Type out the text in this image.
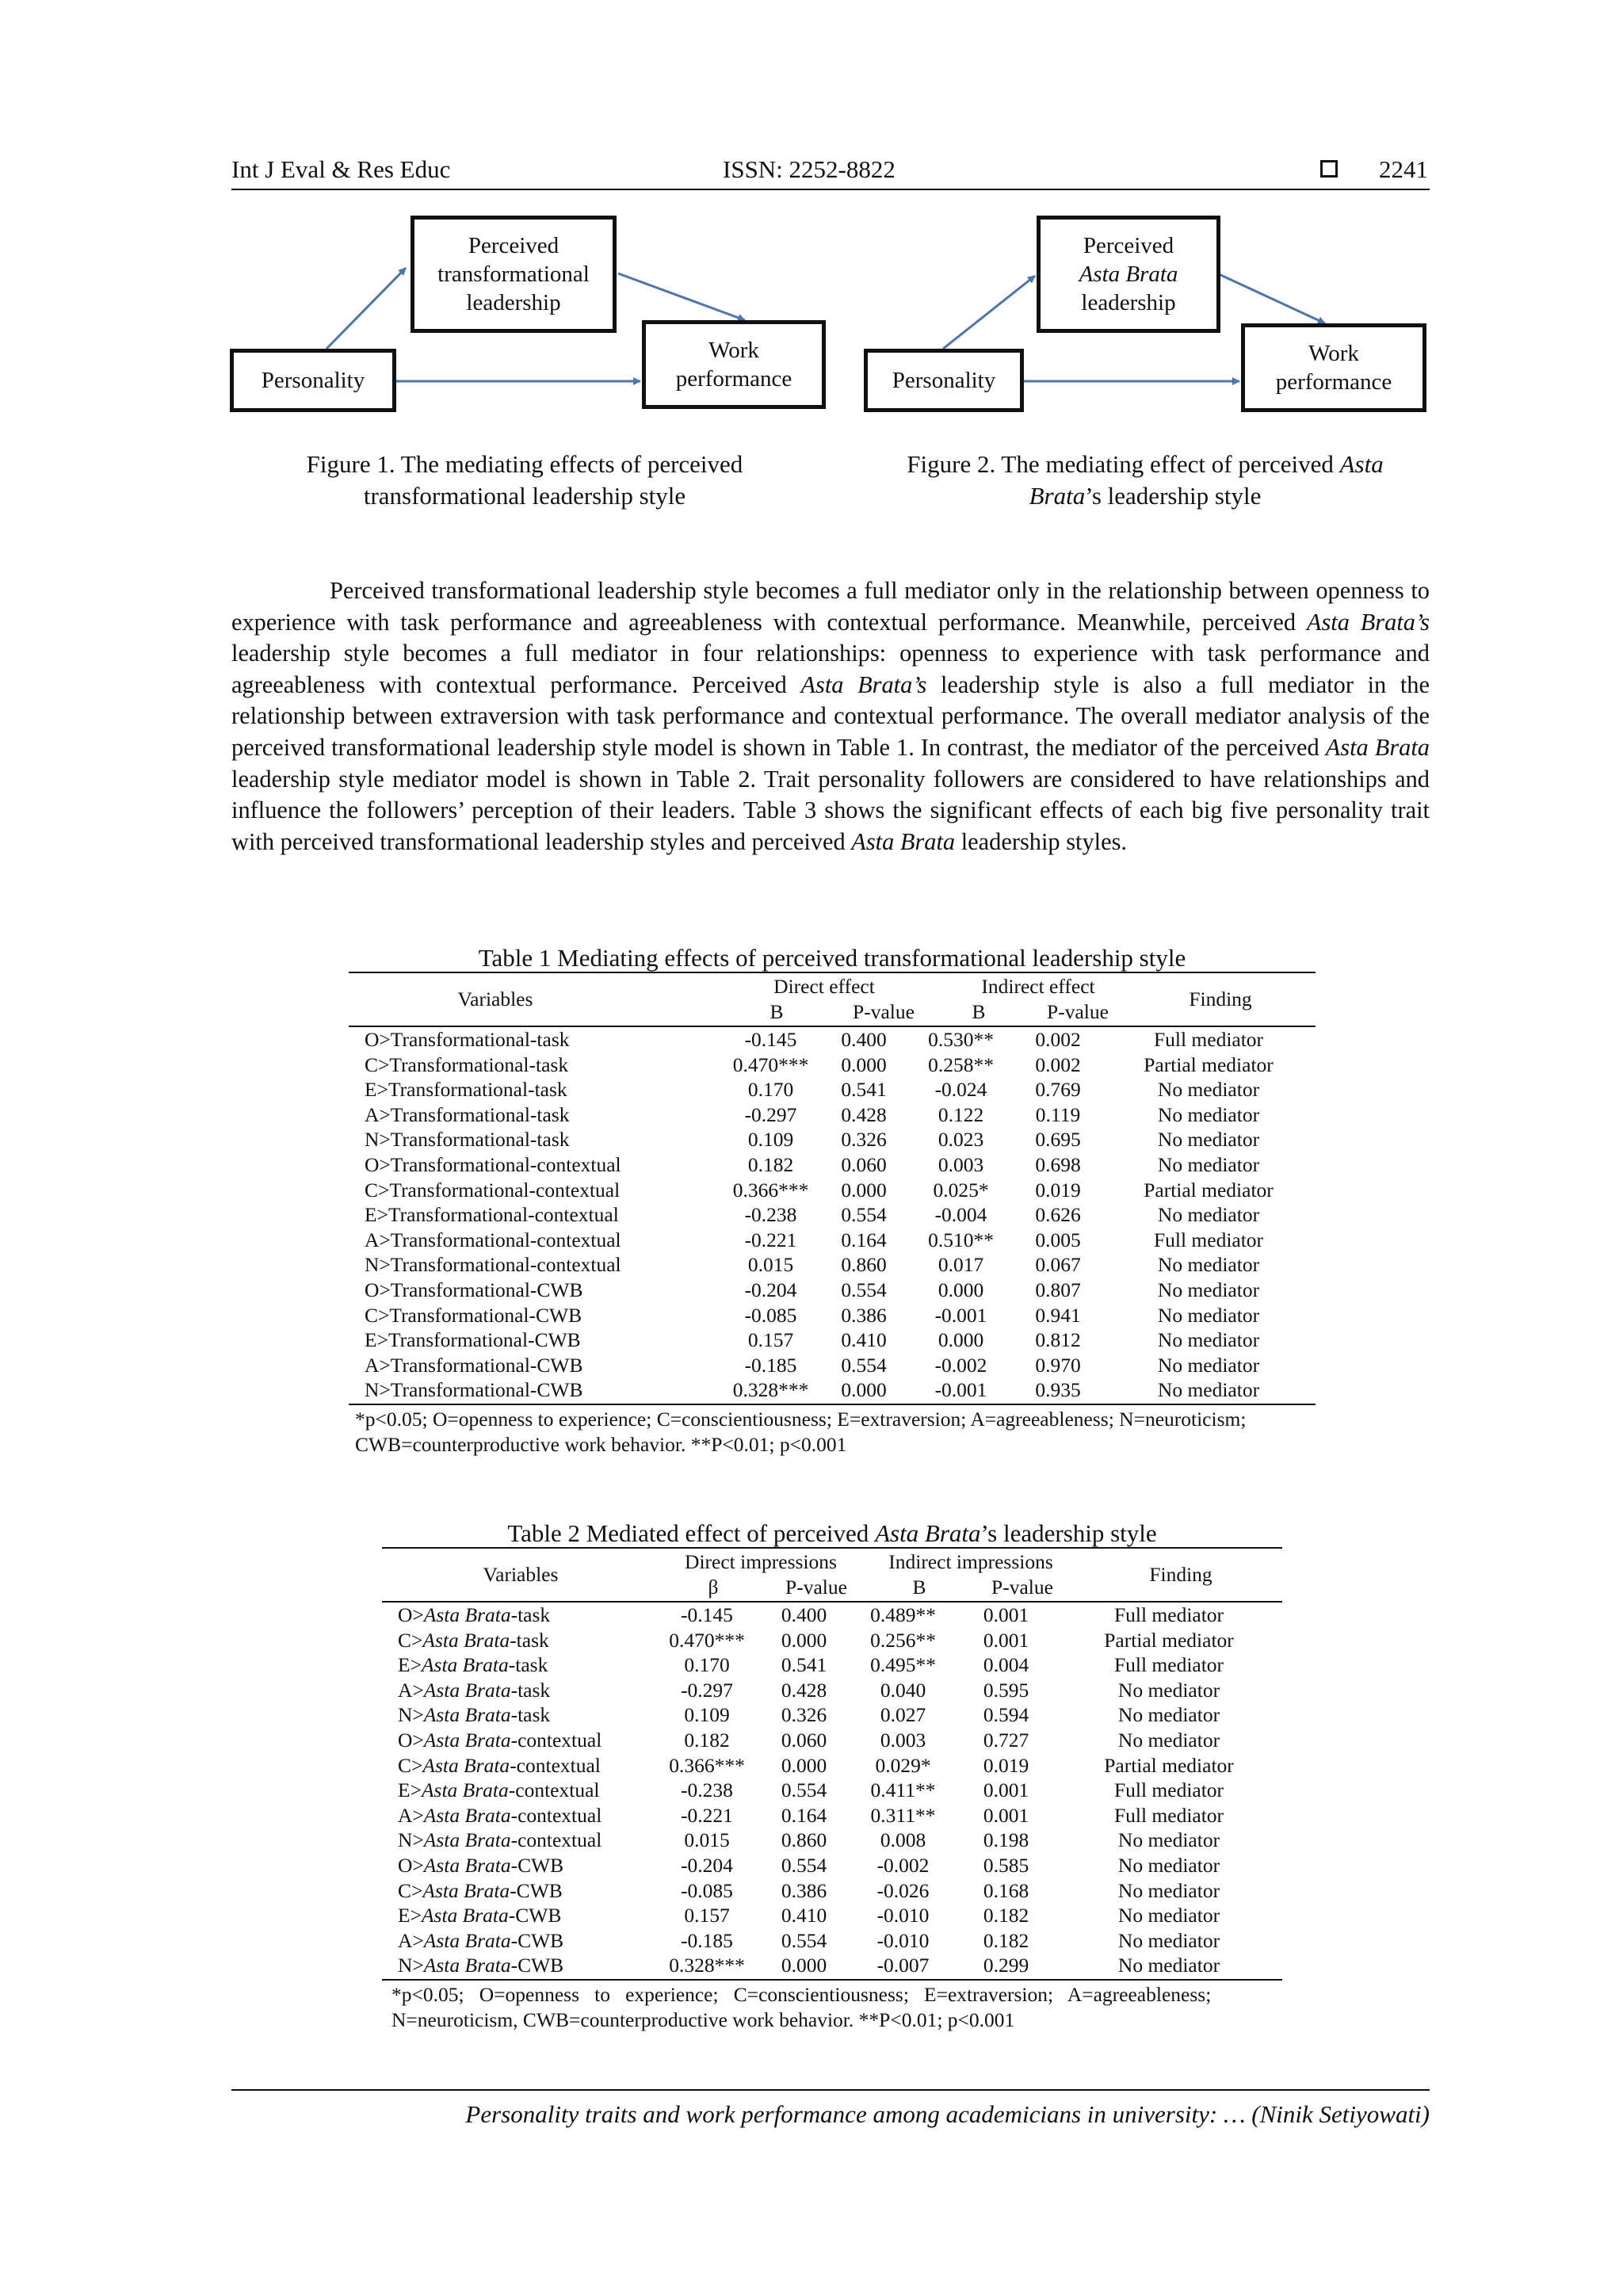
Int J Eval & Res Educ	ISSN: 2252-8822	2241
Perceived
transformational
leadership
Personality
Work
performance
Figure 1. The mediating effects of perceived
transformational leadership style
Perceived
Asta Brata
leadership
Personality
Work
performance
Figure 2. The mediating effect of perceived Asta
Brata’s leadership style
Perceived transformational leadership style becomes a full mediator only in the relationship between openness to experience with task performance and agreeableness with contextual performance. Meanwhile, perceived Asta Brata’s leadership style becomes a full mediator in four relationships: openness to experience with task performance and agreeableness with contextual performance. Perceived Asta Brata’s leadership style is also a full mediator in the relationship between extraversion with task performance and contextual performance. The overall mediator analysis of the perceived transformational leadership style model is shown in Table 1. In contrast, the mediator of the perceived Asta Brata leadership style mediator model is shown in Table 2. Trait personality followers are considered to have relationships and influence the followers’ perception of their leaders. Table 3 shows the significant effects of each big five personality trait with perceived transformational leadership styles and perceived Asta Brata leadership styles.
Table 1 Mediating effects of perceived transformational leadership style
Variables
Direct effect	Indirect effect
B	P-value	B	P-value
Finding
O>Transformational-task	-0.145	0.400	0.530**	0.002	Full mediator
C>Transformational-task	0.470***	0.000	0.258**	0.002	Partial mediator
E>Transformational-task	0.170	0.541	-0.024	0.769	No mediator
A>Transformational-task	-0.297	0.428	0.122	0.119	No mediator
N>Transformational-task	0.109	0.326	0.023	0.695	No mediator
O>Transformational-contextual	0.182	0.060	0.003	0.698	No mediator
C>Transformational-contextual	0.366***	0.000	0.025*	0.019	Partial mediator
E>Transformational-contextual	-0.238	0.554	-0.004	0.626	No mediator
A>Transformational-contextual	-0.221	0.164	0.510**	0.005	Full mediator
N>Transformational-contextual	0.015	0.860	0.017	0.067	No mediator
O>Transformational-CWB	-0.204	0.554	0.000	0.807	No mediator
C>Transformational-CWB	-0.085	0.386	-0.001	0.941	No mediator
E>Transformational-CWB	0.157	0.410	0.000	0.812	No mediator
A>Transformational-CWB	-0.185	0.554	-0.002	0.970	No mediator
N>Transformational-CWB	0.328***	0.000	-0.001	0.935	No mediator
*p<0.05; O=openness to experience; C=conscientiousness; E=extraversion; A=agreeableness; N=neuroticism;
CWB=counterproductive work behavior. **P<0.01; p<0.001
Table 2 Mediated effect of perceived Asta Brata’s leadership style
Variables
Direct impressions	Indirect impressions
β	P-value	B	P-value
Finding
O>Asta Brata-task	-0.145	0.400	0.489**	0.001	Full mediator
C>Asta Brata-task	0.470***	0.000	0.256**	0.001	Partial mediator
E>Asta Brata-task	0.170	0.541	0.495**	0.004	Full mediator
A>Asta Brata-task	-0.297	0.428	0.040	0.595	No mediator
N>Asta Brata-task	0.109	0.326	0.027	0.594	No mediator
O>Asta Brata-contextual	0.182	0.060	0.003	0.727	No mediator
C>Asta Brata-contextual	0.366***	0.000	0.029*	0.019	Partial mediator
E>Asta Brata-contextual	-0.238	0.554	0.411**	0.001	Full mediator
A>Asta Brata-contextual	-0.221	0.164	0.311**	0.001	Full mediator
N>Asta Brata-contextual	0.015	0.860	0.008	0.198	No mediator
O>Asta Brata-CWB	-0.204	0.554	-0.002	0.585	No mediator
C>Asta Brata-CWB	-0.085	0.386	-0.026	0.168	No mediator
E>Asta Brata-CWB	0.157	0.410	-0.010	0.182	No mediator
A>Asta Brata-CWB	-0.185	0.554	-0.010	0.182	No mediator
N>Asta Brata-CWB	0.328***	0.000	-0.007	0.299	No mediator
*p<0.05;   O=openness   to   experience;   C=conscientiousness;   E=extraversion;   A=agreeableness;
N=neuroticism, CWB=counterproductive work behavior. **P<0.01; p<0.001
Personality traits and work performance among academicians in university: … (Ninik Setiyowati)
